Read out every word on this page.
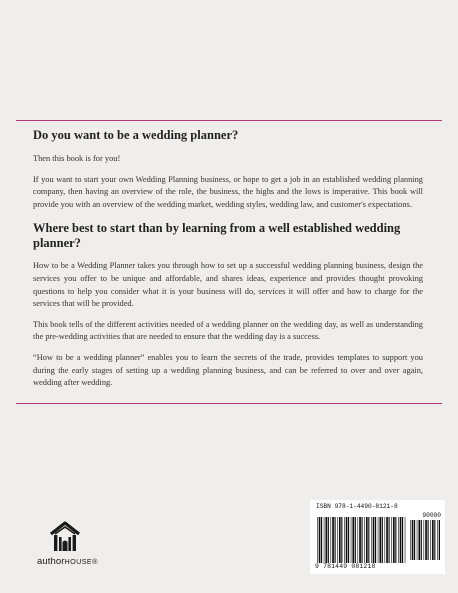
Do you want to be a wedding planner?
Then this book is for you!
If you want to start your own Wedding Planning business, or hope to get a job in an established wedding planning company, then having an overview of the role, the business, the highs and the lows is imperative. This book will provide you with an overview of the wedding market, wedding styles, wedding law, and customer's expectations.
Where best to start than by learning from a well established wedding planner?
How to be a Wedding Planner takes you through how to set up a successful wedding planning business, design the services you offer to be unique and affordable, and shares ideas, experience and provides thought provoking questions to help you consider what it is your business will do, services it will offer and how to charge for the services that will be provided.
This book tells of the different activities needed of a wedding planner on the wedding day, as well as understanding the pre-wedding activities that are needed to ensure that the wedding day is a success.
“How to be a wedding planner” enables you to learn the secrets of the trade, provides templates to support you during the early stages of setting up a wedding planning business, and can be referred to over and over again, wedding after wedding.
authorHOUSE®
ISBN 978-1-4490-8121-8
90000
9 781449 081218
